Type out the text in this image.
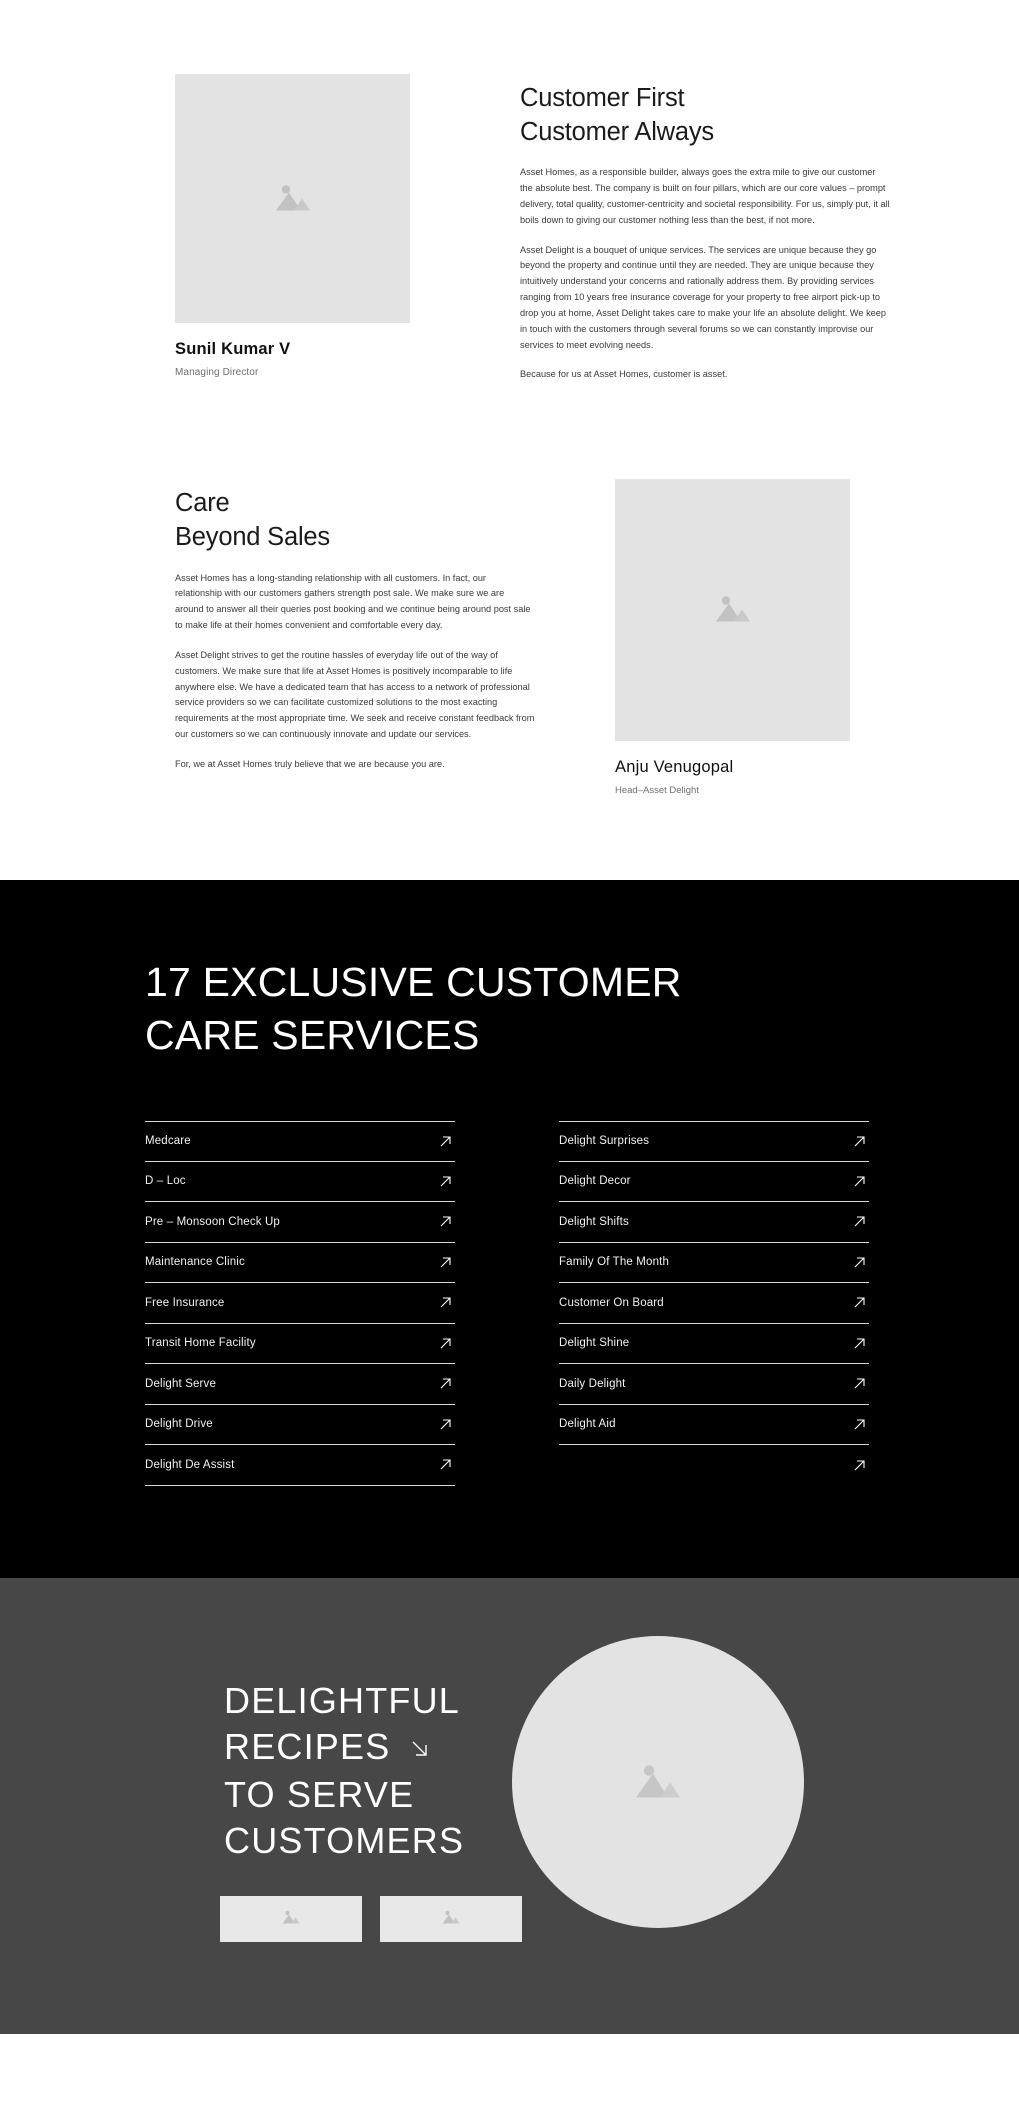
Sunil Kumar V
Managing Director
Customer First
Customer Always

Asset Homes, as a responsible builder, always goes the extra mile to give our customer the absolute best. The company is built on four pillars, which are our core values – prompt delivery, total quality, customer-centricity and societal responsibility. For us, simply put, it all boils down to giving our customer nothing less than the best, if not more.

Asset Delight is a bouquet of unique services. The services are unique because they go beyond the property and continue until they are needed. They are unique because they intuitively understand your concerns and rationally address them. By providing services ranging from 10 years free insurance coverage for your property to free airport pick-up to drop you at home, Asset Delight takes care to make your life an absolute delight. We keep in touch with the customers through several forums so we can constantly improvise our services to meet evolving needs.

Because for us at Asset Homes, customer is asset.

Care
Beyond Sales

Asset Homes has a long-standing relationship with all customers. In fact, our relationship with our customers gathers strength post sale. We make sure we are around to answer all their queries post booking and we continue being around post sale to make life at their homes convenient and comfortable every day.

Asset Delight strives to get the routine hassles of everyday life out of the way of customers. We make sure that life at Asset Homes is positively incomparable to life anywhere else. We have a dedicated team that has access to a network of professional service providers so we can facilitate customized solutions to the most exacting requirements at the most appropriate time. We seek and receive constant feedback from our customers so we can continuously innovate and update our services.

For, we at Asset Homes truly believe that we are because you are.	Anju Venugopal
Head–Asset Delight
17 EXCLUSIVE CUSTOMER
CARE SERVICES
Medcare
D – Loc
Pre – Monsoon Check Up
Maintenance Clinic
Free Insurance
Transit Home Facility
Delight Serve
Delight Drive
Delight De Assist
Delight Surprises
Delight Decor
Delight Shifts
Family Of The Month
Customer On Board
Delight Shine
Daily Delight
Delight Aid
DELIGHTFUL
RECIPES
TO SERVE
CUSTOMERS
